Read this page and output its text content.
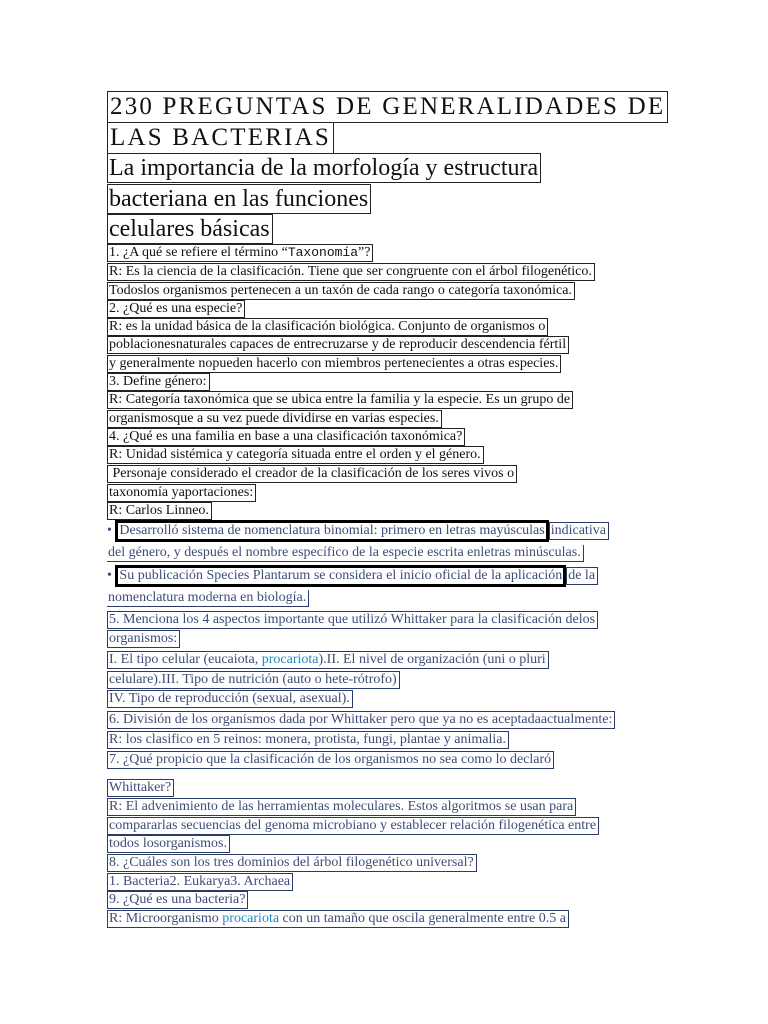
230 PREGUNTAS DE GENERALIDADES DE
LAS BACTERIAS
La importancia de la morfología y estructura
bacteriana en las funciones
celulares básicas
1. ¿A qué se refiere el término “Taxonomía”?
R: Es la ciencia de la clasificación. Tiene que ser congruente con el árbol filogenético.
Todoslos organismos pertenecen a un taxón de cada rango o categoría taxonómica.
2. ¿Qué es una especie?
R: es la unidad básica de la clasificación biológica. Conjunto de organismos o
poblacionesnaturales capaces de entrecruzarse y de reproducir descendencia fértil
y generalmente nopueden hacerlo con miembros pertenecientes a otras especies.
3. Define género:
R: Categoría taxonómica que se ubica entre la familia y la especie. Es un grupo de
organismosque a su vez puede dividirse en varias especies.
4. ¿Qué es una familia en base a una clasificación taxonómica?
R: Unidad sistémica y categoría situada entre el orden y el género.
Personaje considerado el creador de la clasificación de los seres vivos o
taxonomía yaportaciones:
R: Carlos Linneo.
• Desarrolló sistema de nomenclatura binomial: primero en letras mayúsculas indicativa
del género, y después el nombre específico de la especie escrita enletras minúsculas.
• Su publicación Species Plantarum se considera el inicio oficial de la aplicación de la
nomenclatura moderna en biología.
5. Menciona los 4 aspectos importante que utilizó Whittaker para la clasificación delos
organismos:
I. El tipo celular (eucaiota, procariota).II. El nivel de organización (uni o pluri
celulare).III. Tipo de nutrición (auto o hete-rótrofo)
IV. Tipo de reproducción (sexual, asexual).
6. División de los organismos dada por Whittaker pero que ya no es aceptadaactualmente:
R: los clasifico en 5 reinos: monera, protista, fungi, plantae y animalia.
7. ¿Qué propicio que la clasificación de los organismos no sea como lo declaró
Whittaker?
R: El advenimiento de las herramientas moleculares. Estos algoritmos se usan para
compararlas secuencias del genoma microbiano y establecer relación filogenética entre
todos losorganismos.
8. ¿Cuáles son los tres dominios del árbol filogenético universal?
1. Bacteria2. Eukarya3. Archaea
9. ¿Qué es una bacteria?
R: Microorganismo procariota con un tamaño que oscila generalmente entre 0.5 a
